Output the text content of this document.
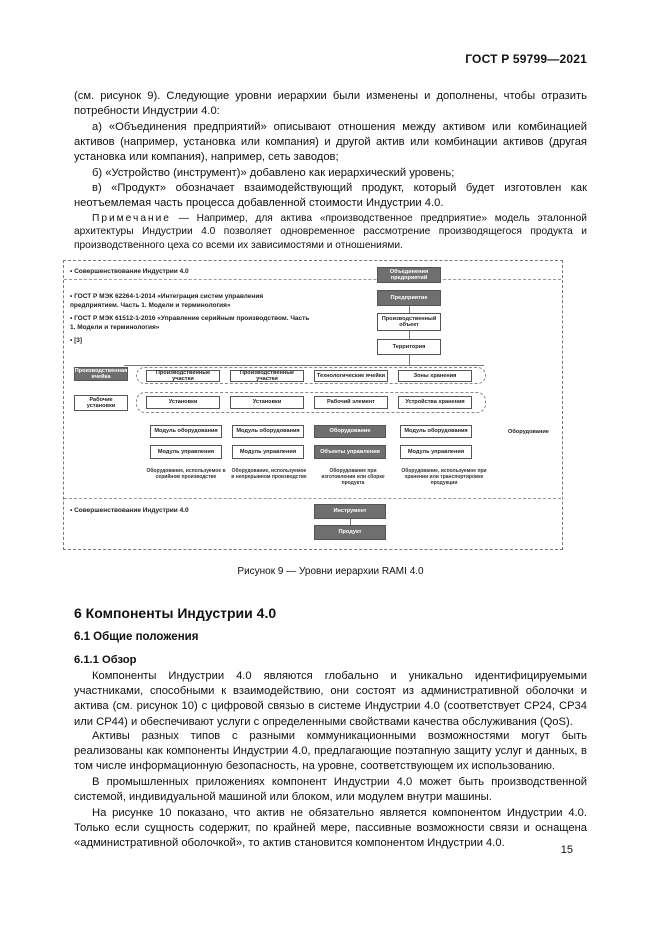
ГОСТ Р 59799—2021
(см. рисунок 9). Следующие уровни иерархии были изменены и дополнены, чтобы отразить потребности Индустрии 4.0:
а) «Объединения предприятий» описывают отношения между активом или комбинацией активов (например, установка или компания) и другой актив или комбинации активов (другая установка или компания), например, сеть заводов;
б) «Устройство (инструмент)» добавлено как иерархический уровень;
в) «Продукт» обозначает взаимодействующий продукт, который будет изготовлен как неотъемлемая часть процесса добавленной стоимости Индустрии 4.0.
Примечание — Например, для актива «производственное предприятие» модель эталонной архитектуры Индустрии 4.0 позволяет одновременное рассмотрение производящегося продукта и производственного цеха со всеми их зависимостями и отношениями.
• Совершенствование Индустрии 4.0
• ГОСТ Р МЭК 62264-1-2014 «Интеграция систем управления предприятием. Часть 1. Модели и терминология»
• ГОСТ Р МЭК 61512-1-2016 «Управление серийным производством. Часть 1. Модели и терминология»
• [3]
Объединения предприятий
Предприятие
Производственный объект
Территория
Производственная ячейка
Рабочие установки
Производственные участки
Производственные участки
Технологические ячейки	Зоны хранения
Установки	Установки	Рабочий элемент	Устройства хранения
Модуль оборудования	Модуль оборудования	Оборудование	Модуль оборудования	Оборудование
Модуль управления	Модуль управления	Объекты управления	Модуль управления
Оборудование, используемое в серийном производстве
Оборудование, используемое в непрерывном производстве
Оборудование при изготовлении или сборке продукта
Оборудование, используемое при хранении или транспортировке продукции
• Совершенствование Индустрии 4.0	Инструмент
Продукт
Рисунок 9 — Уровни иерархии RAMI 4.0
6 Компоненты Индустрии 4.0
6.1 Общие положения
6.1.1 Обзор
Компоненты Индустрии 4.0 являются глобально и уникально идентифицируемыми участниками, способными к взаимодействию, они состоят из административной оболочки и актива (см. рисунок 10) с цифровой связью в системе Индустрии 4.0 (соответствует CP24, CP34 или CP44) и обеспечивают услуги с определенными свойствами качества обслуживания (QoS).
Активы разных типов с разными коммуникационными возможностями могут быть реализованы как компоненты Индустрии 4.0, предлагающие поэтапную защиту услуг и данных, в том числе информационную безопасность, на уровне, соответствующем их использованию.
В промышленных приложениях компонент Индустрии 4.0 может быть производственной системой, индивидуальной машиной или блоком, или модулем внутри машины.
На рисунке 10 показано, что актив не обязательно является компонентом Индустрии 4.0. Только если сущность содержит, по крайней мере, пассивные возможности связи и оснащена «административной оболочкой», то актив становится компонентом Индустрии 4.0.
15
